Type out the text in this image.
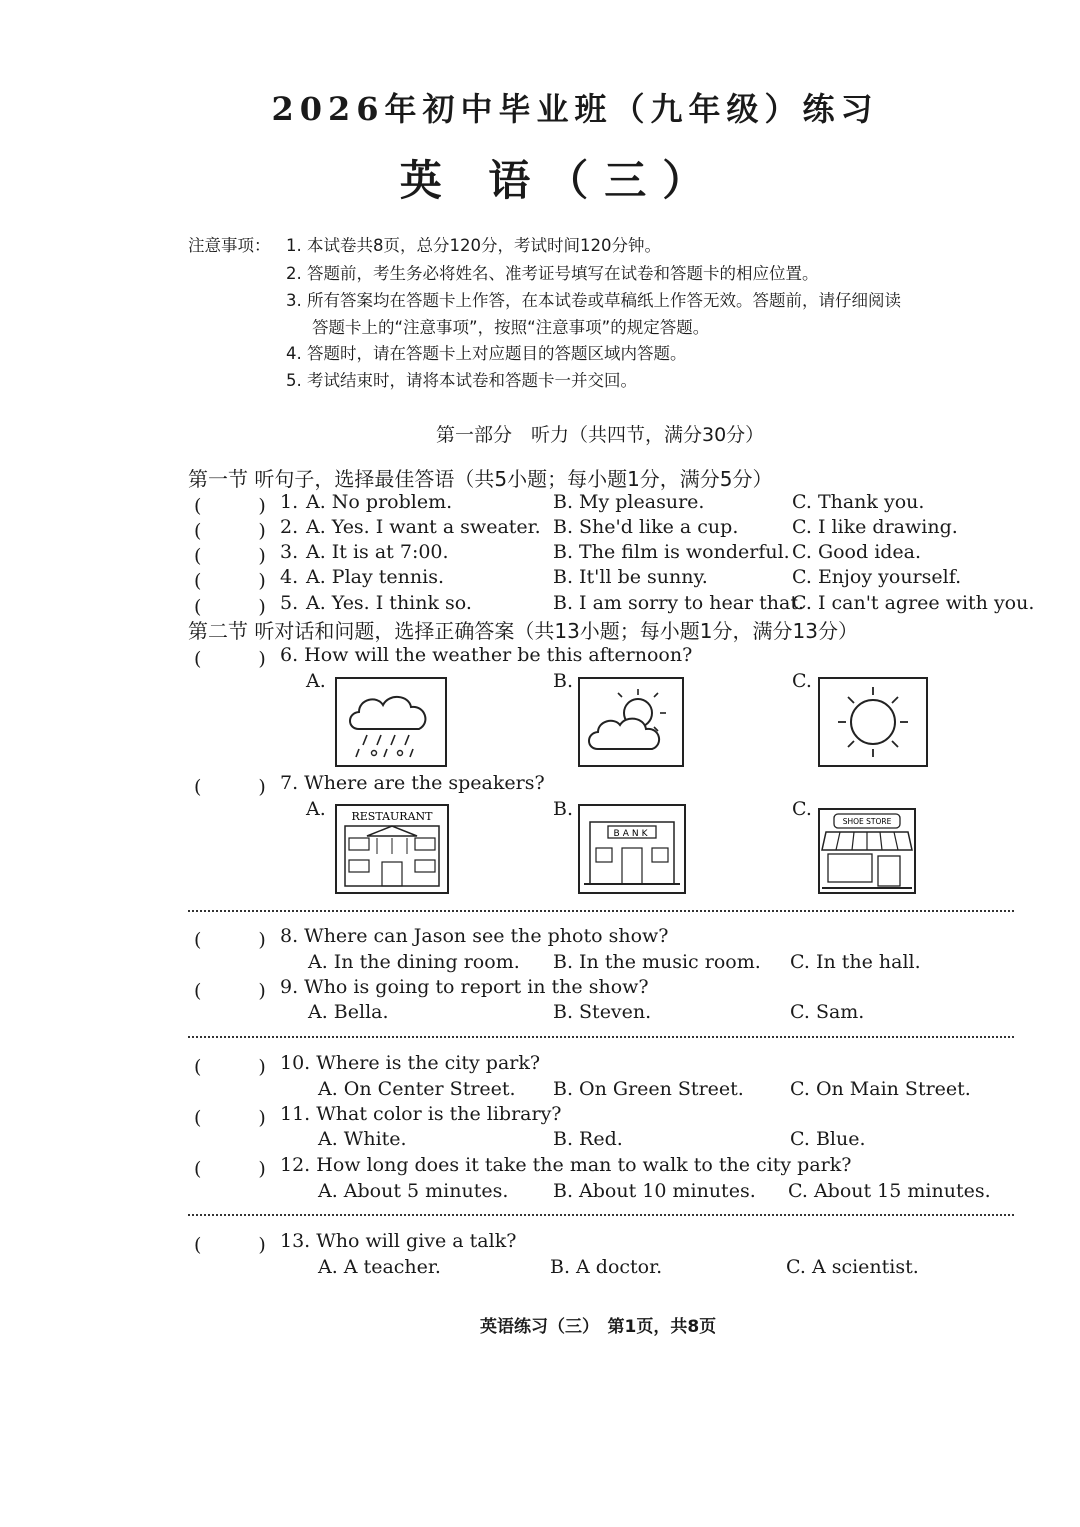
2026年初中毕业班（九年级）练习
英 语（三）
注意事项： 1. 本试卷共8页，总分120分，考试时间120分钟。
2. 答题前，考生务必将姓名、准考证号填写在试卷和答题卡的相应位置。
3. 所有答案均在答题卡上作答，在本试卷或草稿纸上作答无效。答题前，请仔细阅读
答题卡上的“注意事项”，按照“注意事项”的规定答题。
4. 答题时，请在答题卡上对应题目的答题区域内答题。
5. 考试结束时，请将本试卷和答题卡一并交回。
第一部分　听力（共四节，满分30分）
第一节 听句子，选择最佳答语（共5小题；每小题1分，满分5分）
(　　　) 1. A. No problem.	B. My pleasure.	C. Thank you.
(　　　) 2. A. Yes. I want a sweater. B. She'd like a cup.	C. I like drawing.
(　　　) 3. A. It is at 7:00.	B. The film is wonderful. C. Good idea.
(　　　) 4. A. Play tennis.	B. It'll be sunny.	C. Enjoy yourself.
(　　　) 5. A. Yes. I think so.	B. I am sorry to hear that.
C. I can't agree with you.
第二节 听对话和问题，选择正确答案（共13小题；每小题1分，满分13分）
(　　　) 6. How will the weather be this afternoon?
A.	B.	C.
(　　　) 7. Where are the speakers?
A.	B.	C.
RESTAURANT
BANK
SHOE STORE
(　　　) 8. Where can Jason see the photo show?
A. In the dining room. B. In the music room. C. In the hall.
(　　　) 9. Who is going to report in the show?
A. Bella.	B. Steven.	C. Sam.
(　　　) 10. Where is the city park?
A. On Center Street. B. On Green Street. C. On Main Street.
(　　　) 11. What color is the library?
A. White.	B. Red.	C. Blue.
(　　　) 12. How long does it take the man to walk to the city park?
A. About 5 minutes. B. About 10 minutes. C. About 15 minutes.
(　　　) 13. Who will give a talk?
A. A teacher.	B. A doctor.	C. A scientist.
英语练习（三）　第1页，共8页
